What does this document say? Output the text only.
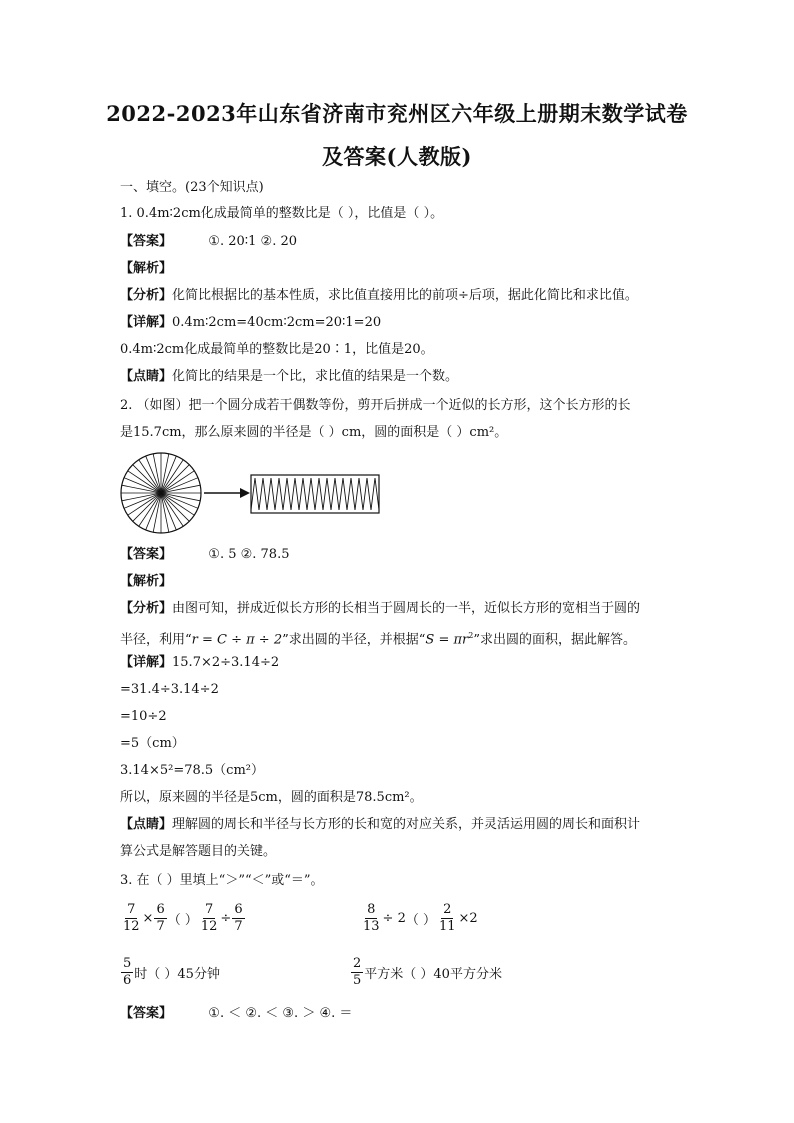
2022-2023年山东省济南市兖州区六年级上册期末数学试卷
及答案(人教版)
一、填空。(23个知识点)
1. 0.4m∶2cm化成最简单的整数比是（ ），比值是（ ）。
【答案】	①. 20∶1 ②. 20
【解析】
【分析】化简比根据比的基本性质，求比值直接用比的前项÷后项，据此化简比和求比值。
【详解】0.4m∶2cm=40cm∶2cm=20∶1=20
0.4m∶2cm化成最简单的整数比是20∶1，比值是20。
【点睛】化简比的结果是一个比，求比值的结果是一个数。
2. （如图）把一个圆分成若干偶数等份，剪开后拼成一个近似的长方形，这个长方形的长
是15.7cm，那么原来圆的半径是（ ）cm，圆的面积是（ ）cm²。
【答案】	①. 5 ②. 78.5
【解析】
【分析】由图可知，拼成近似长方形的长相当于圆周长的一半，近似长方形的宽相当于圆的
半径，利用“r = C ÷ π ÷ 2”求出圆的半径，并根据“$S = \pi r^2$”求出圆的面积，据此解答。
【详解】15.7×2÷3.14÷2
=31.4÷3.14÷2
=10÷2
=5（cm）
3.14×5²=78.5（cm²）
所以，原来圆的半径是5cm，圆的面积是78.5cm²。
【点睛】理解圆的周长和半径与长方形的长和宽的对应关系，并灵活运用圆的周长和面积计
算公式是解答题目的关键。
3. 在（ ）里填上“＞”“＜”或“＝”。
$\frac{7}{12} \times \frac{6}{7}$ （ ） $\frac{7}{12} \div \frac{6}{7}$	$\frac{8}{13} \div 2$ （ ） $\frac{2}{11} \times 2$
$\frac{5}{6}$ 时（ ）45分钟	$\frac{2}{5}$ 平方米（ ）40平方分米
【答案】	①. ＜ ②. ＜ ③. ＞ ④. ＝
